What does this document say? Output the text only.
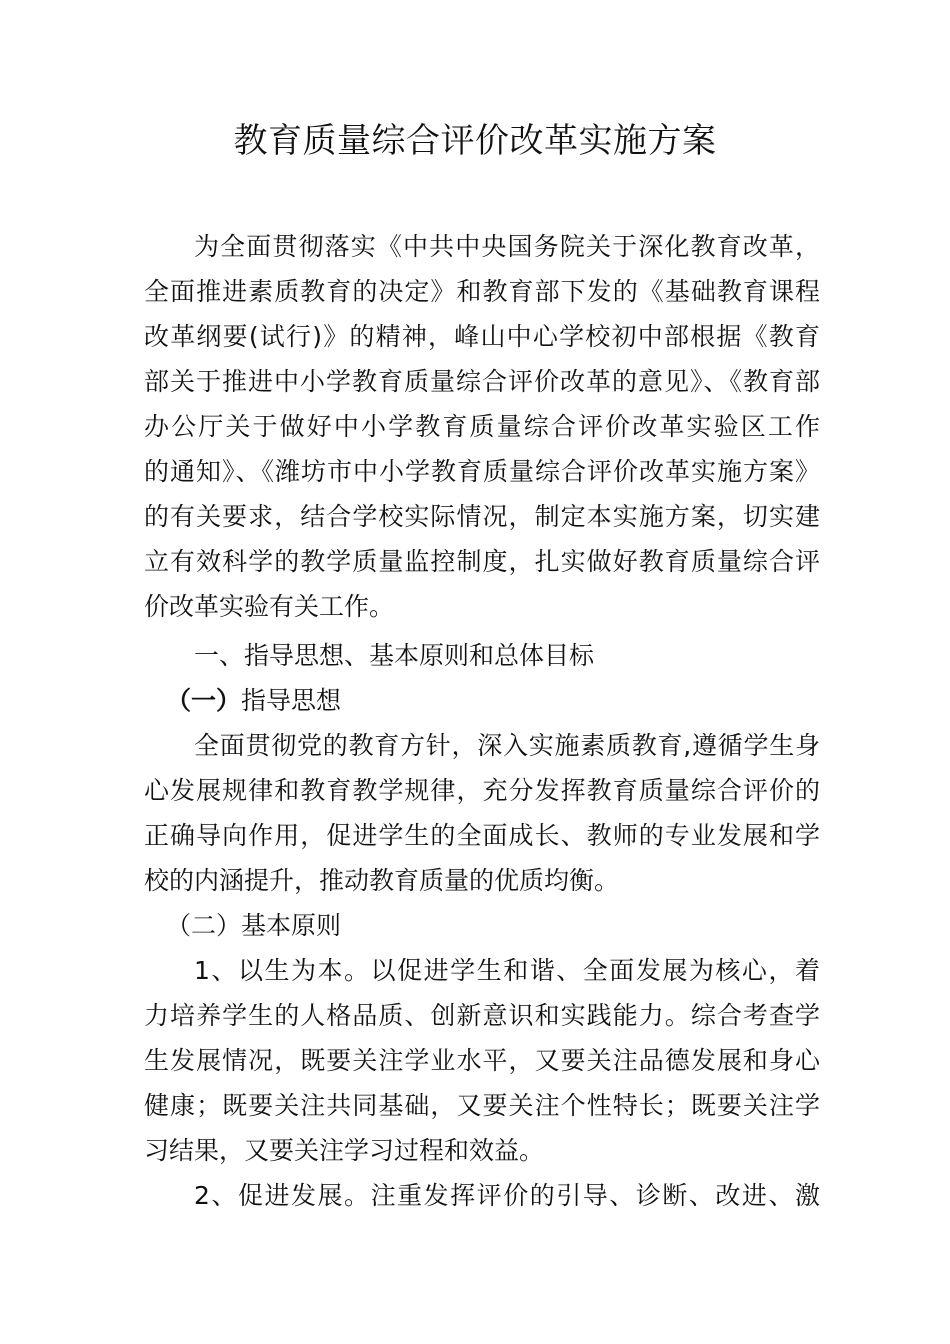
教育质量综合评价改革实施方案
为全面贯彻落实《中共中央国务院关于深化教育改革，
全面推进素质教育的决定》和教育部下发的《基础教育课程
改革纲要(试行)》的精神，峰山中心学校初中部根据《教育
部关于推进中小学教育质量综合评价改革的意见》、《教育部
办公厅关于做好中小学教育质量综合评价改革实验区工作
的通知》、《潍坊市中小学教育质量综合评价改革实施方案》
的有关要求，结合学校实际情况，制定本实施方案，切实建
立有效科学的教学质量监控制度，扎实做好教育质量综合评
价改革实验有关工作。
一、指导思想、基本原则和总体目标
（一）指导思想
全面贯彻党的教育方针，深入实施素质教育,遵循学生身
心发展规律和教育教学规律，充分发挥教育质量综合评价的
正确导向作用，促进学生的全面成长、教师的专业发展和学
校的内涵提升，推动教育质量的优质均衡。
（二）基本原则
1、以生为本。以促进学生和谐、全面发展为核心，着
力培养学生的人格品质、创新意识和实践能力。综合考查学
生发展情况，既要关注学业水平，又要关注品德发展和身心
健康；既要关注共同基础，又要关注个性特长；既要关注学
习结果，又要关注学习过程和效益。
2、促进发展。注重发挥评价的引导、诊断、改进、激
